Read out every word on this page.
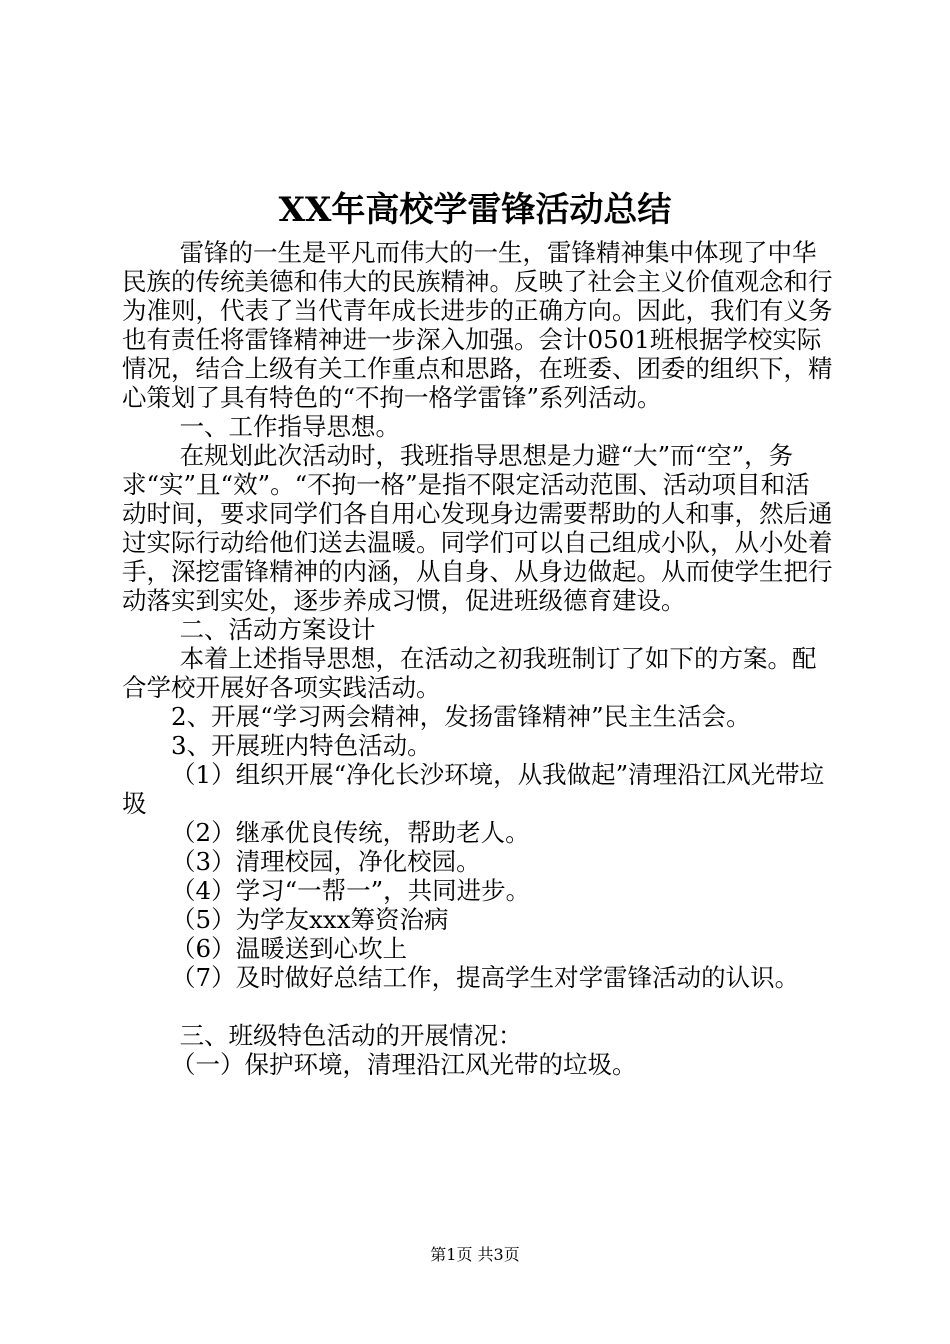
XX年高校学雷锋活动总结

雷锋的一生是平凡而伟大的一生，雷锋精神集中体现了中华民族的传统美德和伟大的民族精神。反映了社会主义价值观念和行为准则，代表了当代青年成长进步的正确方向。因此，我们有义务也有责任将雷锋精神进一步深入加强。会计0501班根据学校实际情况，结合上级有关工作重点和思路，在班委、团委的组织下，精心策划了具有特色的“不拘一格学雷锋”系列活动。

一、工作指导思想。

在规划此次活动时，我班指导思想是力避“大”而“空”，务求“实”且“效”。“不拘一格”是指不限定活动范围、活动项目和活动时间，要求同学们各自用心发现身边需要帮助的人和事，然后通过实际行动给他们送去温暖。同学们可以自己组成小队，从小处着手，深挖雷锋精神的内涵，从自身、从身边做起。从而使学生把行动落实到实处，逐步养成习惯，促进班级德育建设。

二、活动方案设计

本着上述指导思想，在活动之初我班制订了如下的方案。配合学校开展好各项实践活动。

2、开展“学习两会精神，发扬雷锋精神”民主生活会。

3、开展班内特色活动。

（1）组织开展“净化长沙环境，从我做起”清理沿江风光带垃圾

（2）继承优良传统，帮助老人。

（3）清理校园，净化校园。

（4）学习“一帮一”，共同进步。

（5）为学友xxx筹资治病

（6）温暖送到心坎上

（7）及时做好总结工作，提高学生对学雷锋活动的认识。

三、班级特色活动的开展情况：

（一）保护环境，清理沿江风光带的垃圾。

第1页 共3页
